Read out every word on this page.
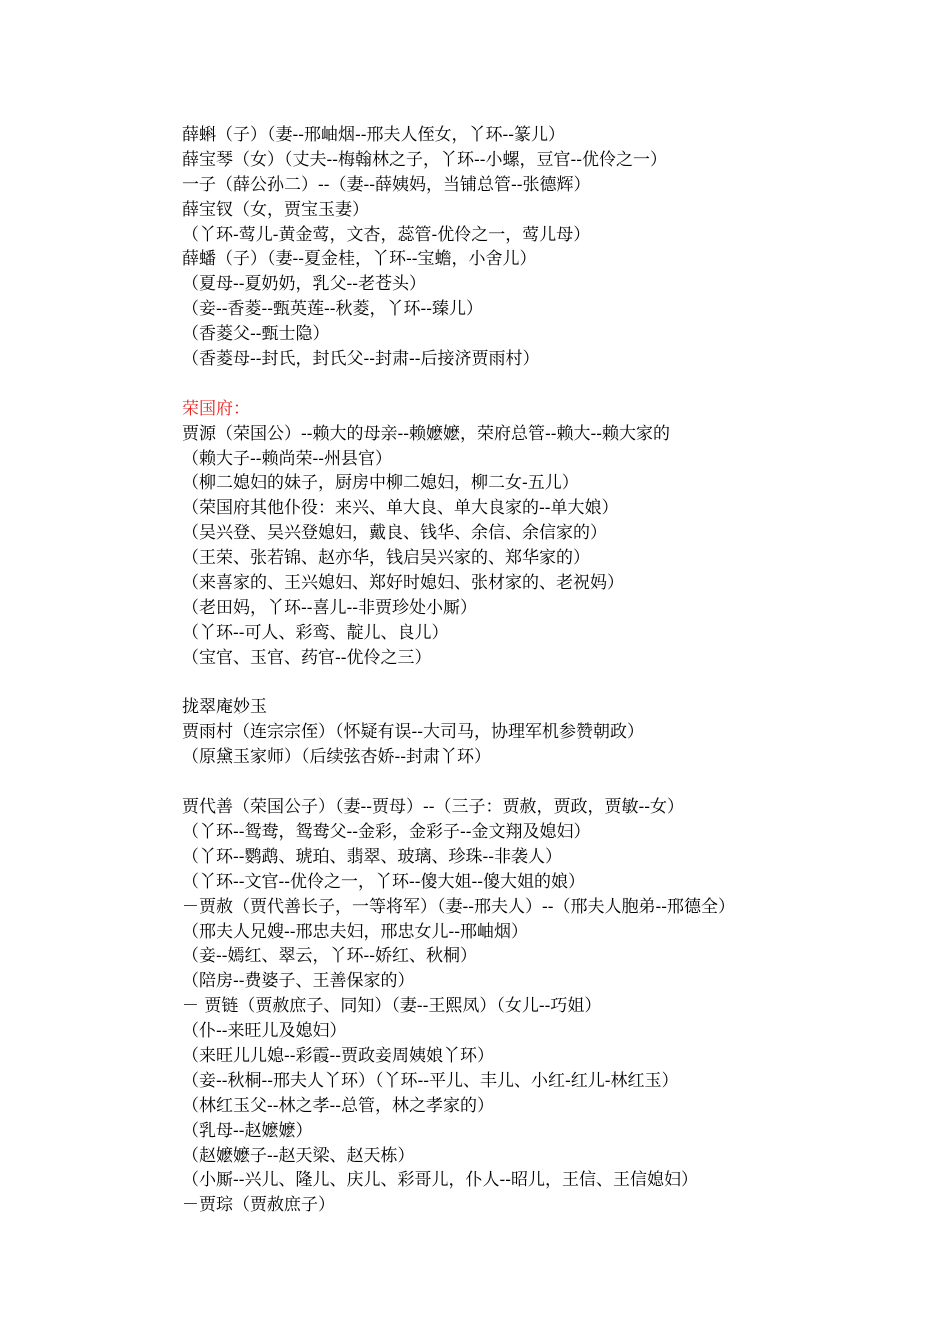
薛蝌（子）（妻--邢岫烟--邢夫人侄女，丫环--篆儿）
薛宝琴（女）（丈夫--梅翰林之子，丫环--小螺，豆官--优伶之一）
一子（薛公孙二）--（妻--薛姨妈，当铺总管--张德辉）
薛宝钗（女，贾宝玉妻）
（丫环-莺儿-黄金莺，文杏，蕊管-优伶之一，莺儿母）
薛蟠（子）（妻--夏金桂，丫环--宝蟾，小舍儿）
（夏母--夏奶奶，乳父--老苍头）
（妾--香菱--甄英莲--秋菱，丫环--臻儿）
（香菱父--甄士隐）
（香菱母--封氏，封氏父--封肃--后接济贾雨村）
荣国府：
贾源（荣国公）--赖大的母亲--赖嬷嬷，荣府总管--赖大--赖大家的
（赖大子--赖尚荣--州县官）
（柳二媳妇的妹子，厨房中柳二媳妇，柳二女-五儿）
（荣国府其他仆役：来兴、单大良、单大良家的--单大娘）
（吴兴登、吴兴登媳妇，戴良、钱华、余信、余信家的）
（王荣、张若锦、赵亦华，钱启吴兴家的、郑华家的）
（来喜家的、王兴媳妇、郑好时媳妇、张材家的、老祝妈）
（老田妈，丫环--喜儿--非贾珍处小厮）
（丫环--可人、彩鸾、靛儿、良儿）
（宝官、玉官、药官--优伶之三）
拢翠庵妙玉
贾雨村（连宗宗侄）（怀疑有误--大司马，协理军机参赞朝政）
（原黛玉家师）（后续弦杏娇--封肃丫环）
贾代善（荣国公子）（妻--贾母）--（三子：贾赦，贾政，贾敏--女）
（丫环--鸳鸯，鸳鸯父--金彩，金彩子--金文翔及媳妇）
（丫环--鹦鹉、琥珀、翡翠、玻璃、珍珠--非袭人）
（丫环--文官--优伶之一，丫环--傻大姐--傻大姐的娘）
－贾赦（贾代善长子，一等将军）（妻--邢夫人）--（邢夫人胞弟--邢德全）
（邢夫人兄嫂--邢忠夫妇，邢忠女儿--邢岫烟）
（妾--嫣红、翠云，丫环--娇红、秋桐）
（陪房--费婆子、王善保家的）
－ 贾链（贾赦庶子、同知）（妻--王熙凤）（女儿--巧姐）
（仆--来旺儿及媳妇）
（来旺儿儿媳--彩霞--贾政妾周姨娘丫环）
（妾--秋桐--邢夫人丫环）（丫环--平儿、丰儿、小红-红儿-林红玉）
（林红玉父--林之孝--总管，林之孝家的）
（乳母--赵嬷嬷）
（赵嬷嬷子--赵天梁、赵天栋）
（小厮--兴儿、隆儿、庆儿、彩哥儿，仆人--昭儿，王信、王信媳妇）
－贾琮（贾赦庶子）
